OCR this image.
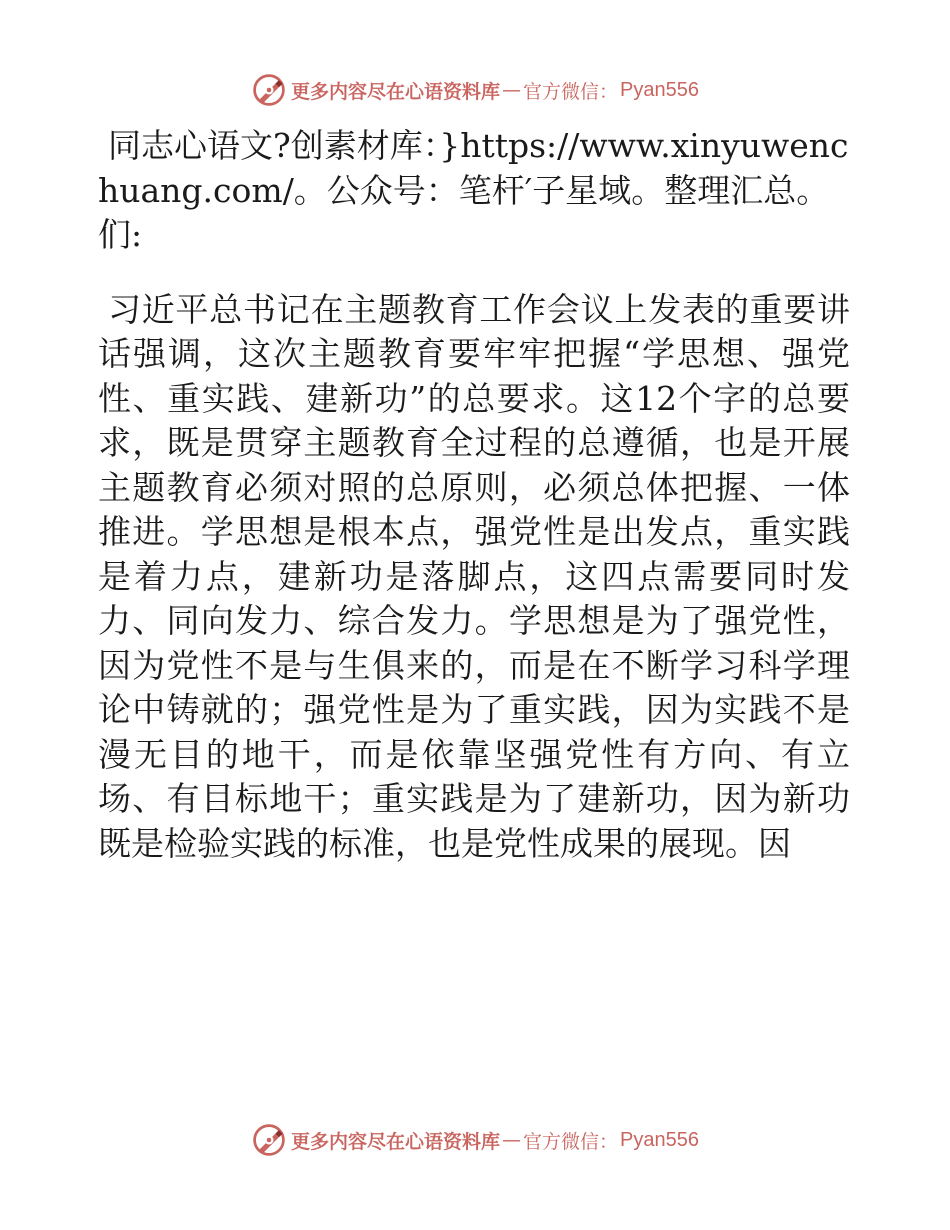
更多内容尽在心语资料库 — 官方微信： Pyan556

同志心语文?创素材库：}https://www.xinyuwenchuang.com/。公众号：笔杆′子星域。整理汇总。们:

习近平总书记在主题教育工作会议上发表的重要讲话强调，这次主题教育要牢牢把握“学思想、强党性、重实践、建新功”的总要求。这12个字的总要求，既是贯穿主题教育全过程的总遵循，也是开展主题教育必须对照的总原则，必须总体把握、一体推进。学思想是根本点，强党性是出发点，重实践是着力点，建新功是落脚点，这四点需要同时发力、同向发力、综合发力。学思想是为了强党性，因为党性不是与生俱来的，而是在不断学习科学理论中铸就的；强党性是为了重实践，因为实践不是漫无目的地干，而是依靠坚强党性有方向、有立场、有目标地干；重实践是为了建新功，因为新功既是检验实践的标准，也是党性成果的展现。因

更多内容尽在心语资料库 — 官方微信： Pyan556
